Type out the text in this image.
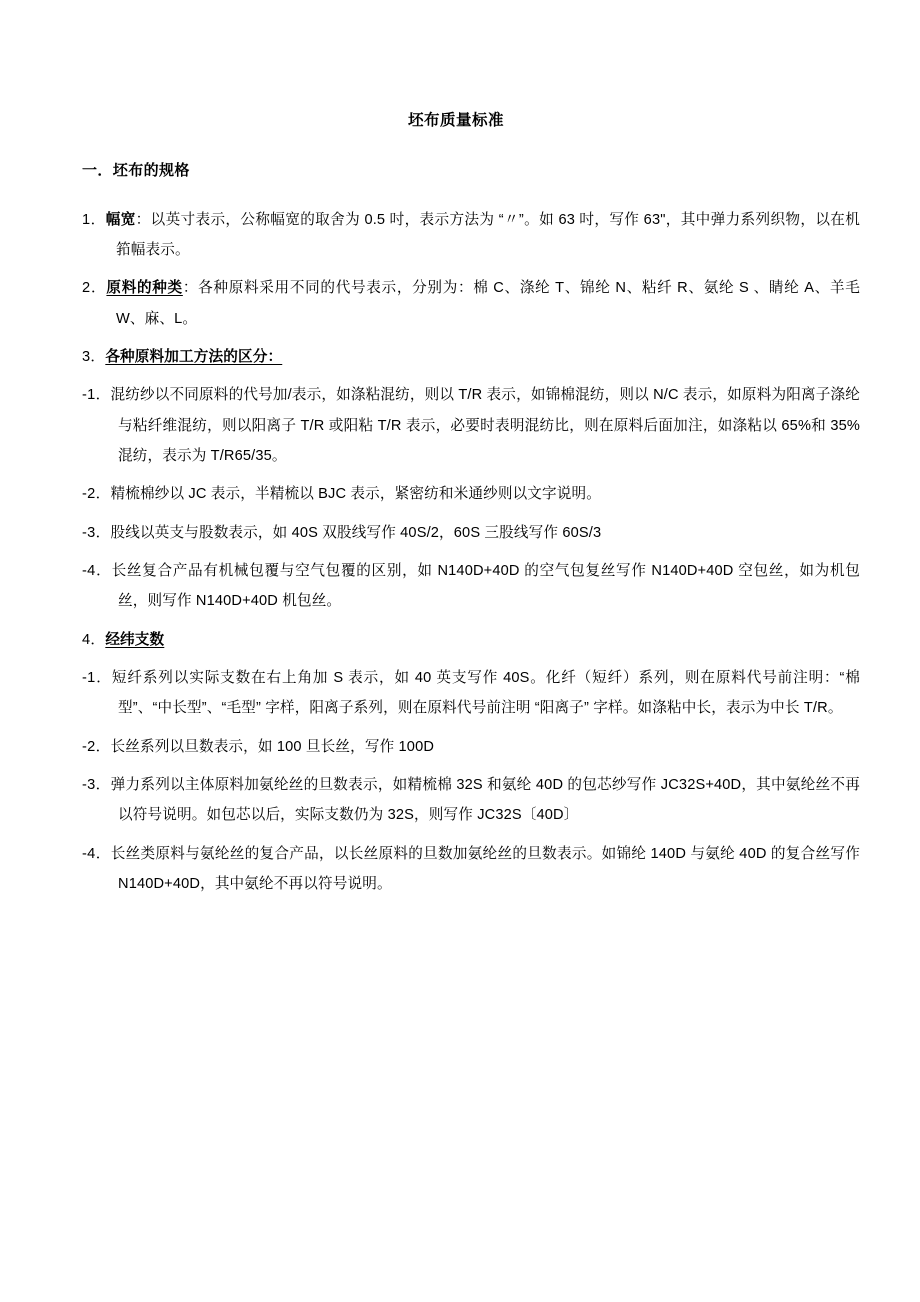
坯布质量标准
一．坯布的规格

1．幅宽：以英寸表示，公称幅宽的取舍为 0.5 吋，表示方法为 “〃”。如 63 吋，写作 63"，其中弹力系列织物，以在机筘幅表示。

2．原料的种类：各种原料采用不同的代号表示，分别为：棉 C、涤纶 T、锦纶 N、粘纤 R、氨纶 S 、睛纶 A、羊毛 W、麻、L。

3．各种原料加工方法的区分：

-1．混纺纱以不同原料的代号加/表示，如涤粘混纺，则以 T/R 表示，如锦棉混纺，则以 N/C 表示，如原料为阳离子涤纶与粘纤维混纺，则以阳离子 T/R 或阳粘 T/R 表示，必要时表明混纺比，则在原料后面加注，如涤粘以 65%和 35%混纺，表示为 T/R65/35。

-2．精梳棉纱以 JC 表示，半精梳以 BJC 表示，紧密纺和米通纱则以文字说明。

-3．股线以英支与股数表示，如 40S 双股线写作 40S/2，60S 三股线写作 60S/3

-4．长丝复合产品有机械包覆与空气包覆的区别，如 N140D+40D 的空气包复丝写作 N140D+40D 空包丝，如为机包丝，则写作 N140D+40D 机包丝。

4．经纬支数

-1．短纤系列以实际支数在右上角加 S 表示，如 40 英支写作 40S。化纤（短纤）系列，则在原料代号前注明：“棉型”、“中长型”、“毛型” 字样，阳离子系列，则在原料代号前注明 “阳离子” 字样。如涤粘中长，表示为中长 T/R。

-2．长丝系列以旦数表示，如 100 旦长丝，写作 100D

-3．弹力系列以主体原料加氨纶丝的旦数表示，如精梳棉 32S 和氨纶 40D 的包芯纱写作 JC32S+40D，其中氨纶丝不再以符号说明。如包芯以后，实际支数仍为 32S，则写作 JC32S〔40D〕

-4．长丝类原料与氨纶丝的复合产品，以长丝原料的旦数加氨纶丝的旦数表示。如锦纶 140D 与氨纶 40D 的复合丝写作 N140D+40D，其中氨纶不再以符号说明。
